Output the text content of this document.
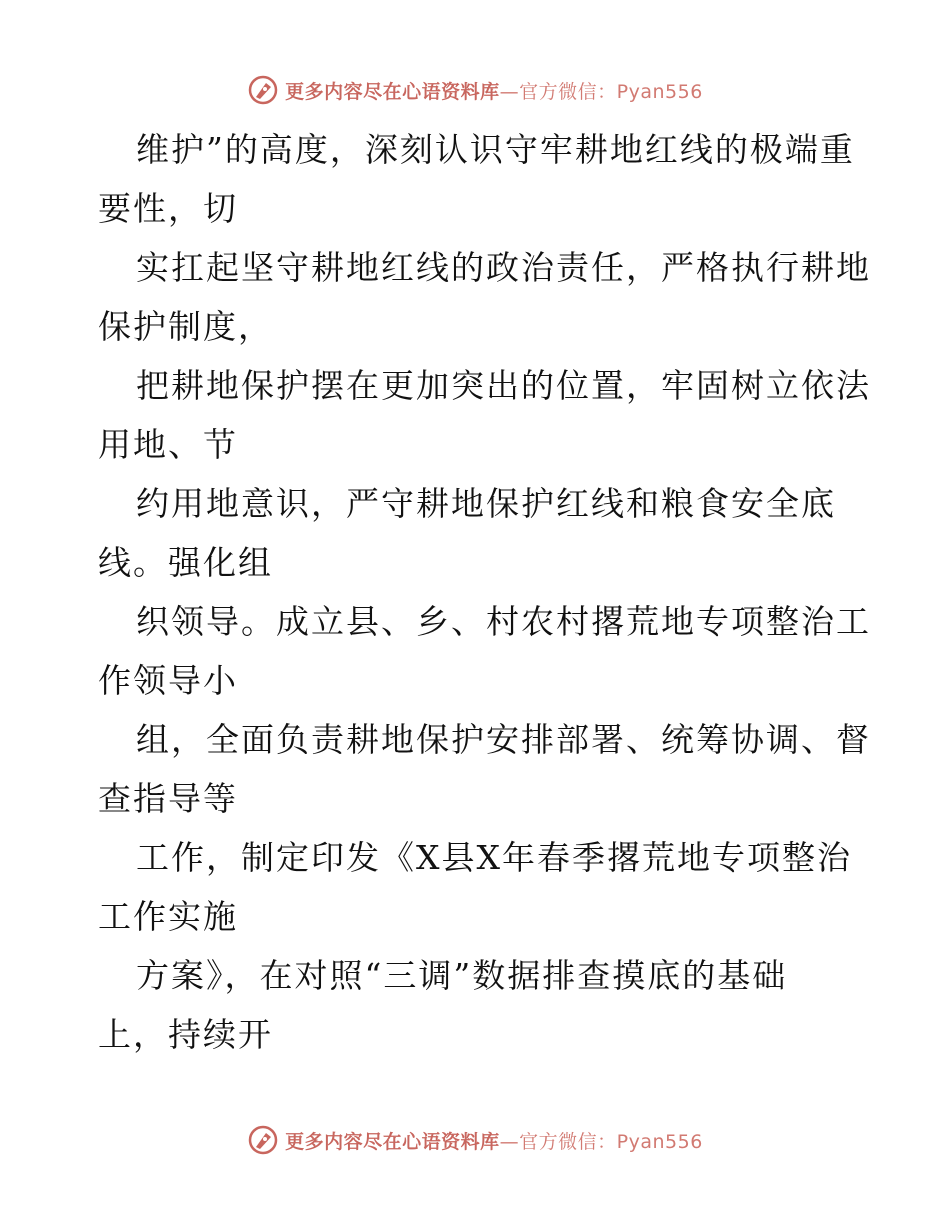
更多内容尽在心语资料库—官方微信：Pyan556
维护”的高度，深刻认识守牢耕地红线的极端重
要性，切
实扛起坚守耕地红线的政治责任，严格执行耕地
保护制度，
把耕地保护摆在更加突出的位置，牢固树立依法
用地、节
约用地意识，严守耕地保护红线和粮食安全底
线。强化组
织领导。成立县、乡、村农村撂荒地专项整治工
作领导小
组，全面负责耕地保护安排部署、统筹协调、督
查指导等
工作，制定印发《X县X年春季撂荒地专项整治
工作实施
方案》，在对照“三调”数据排查摸底的基础
上，持续开
更多内容尽在心语资料库—官方微信：Pyan556
